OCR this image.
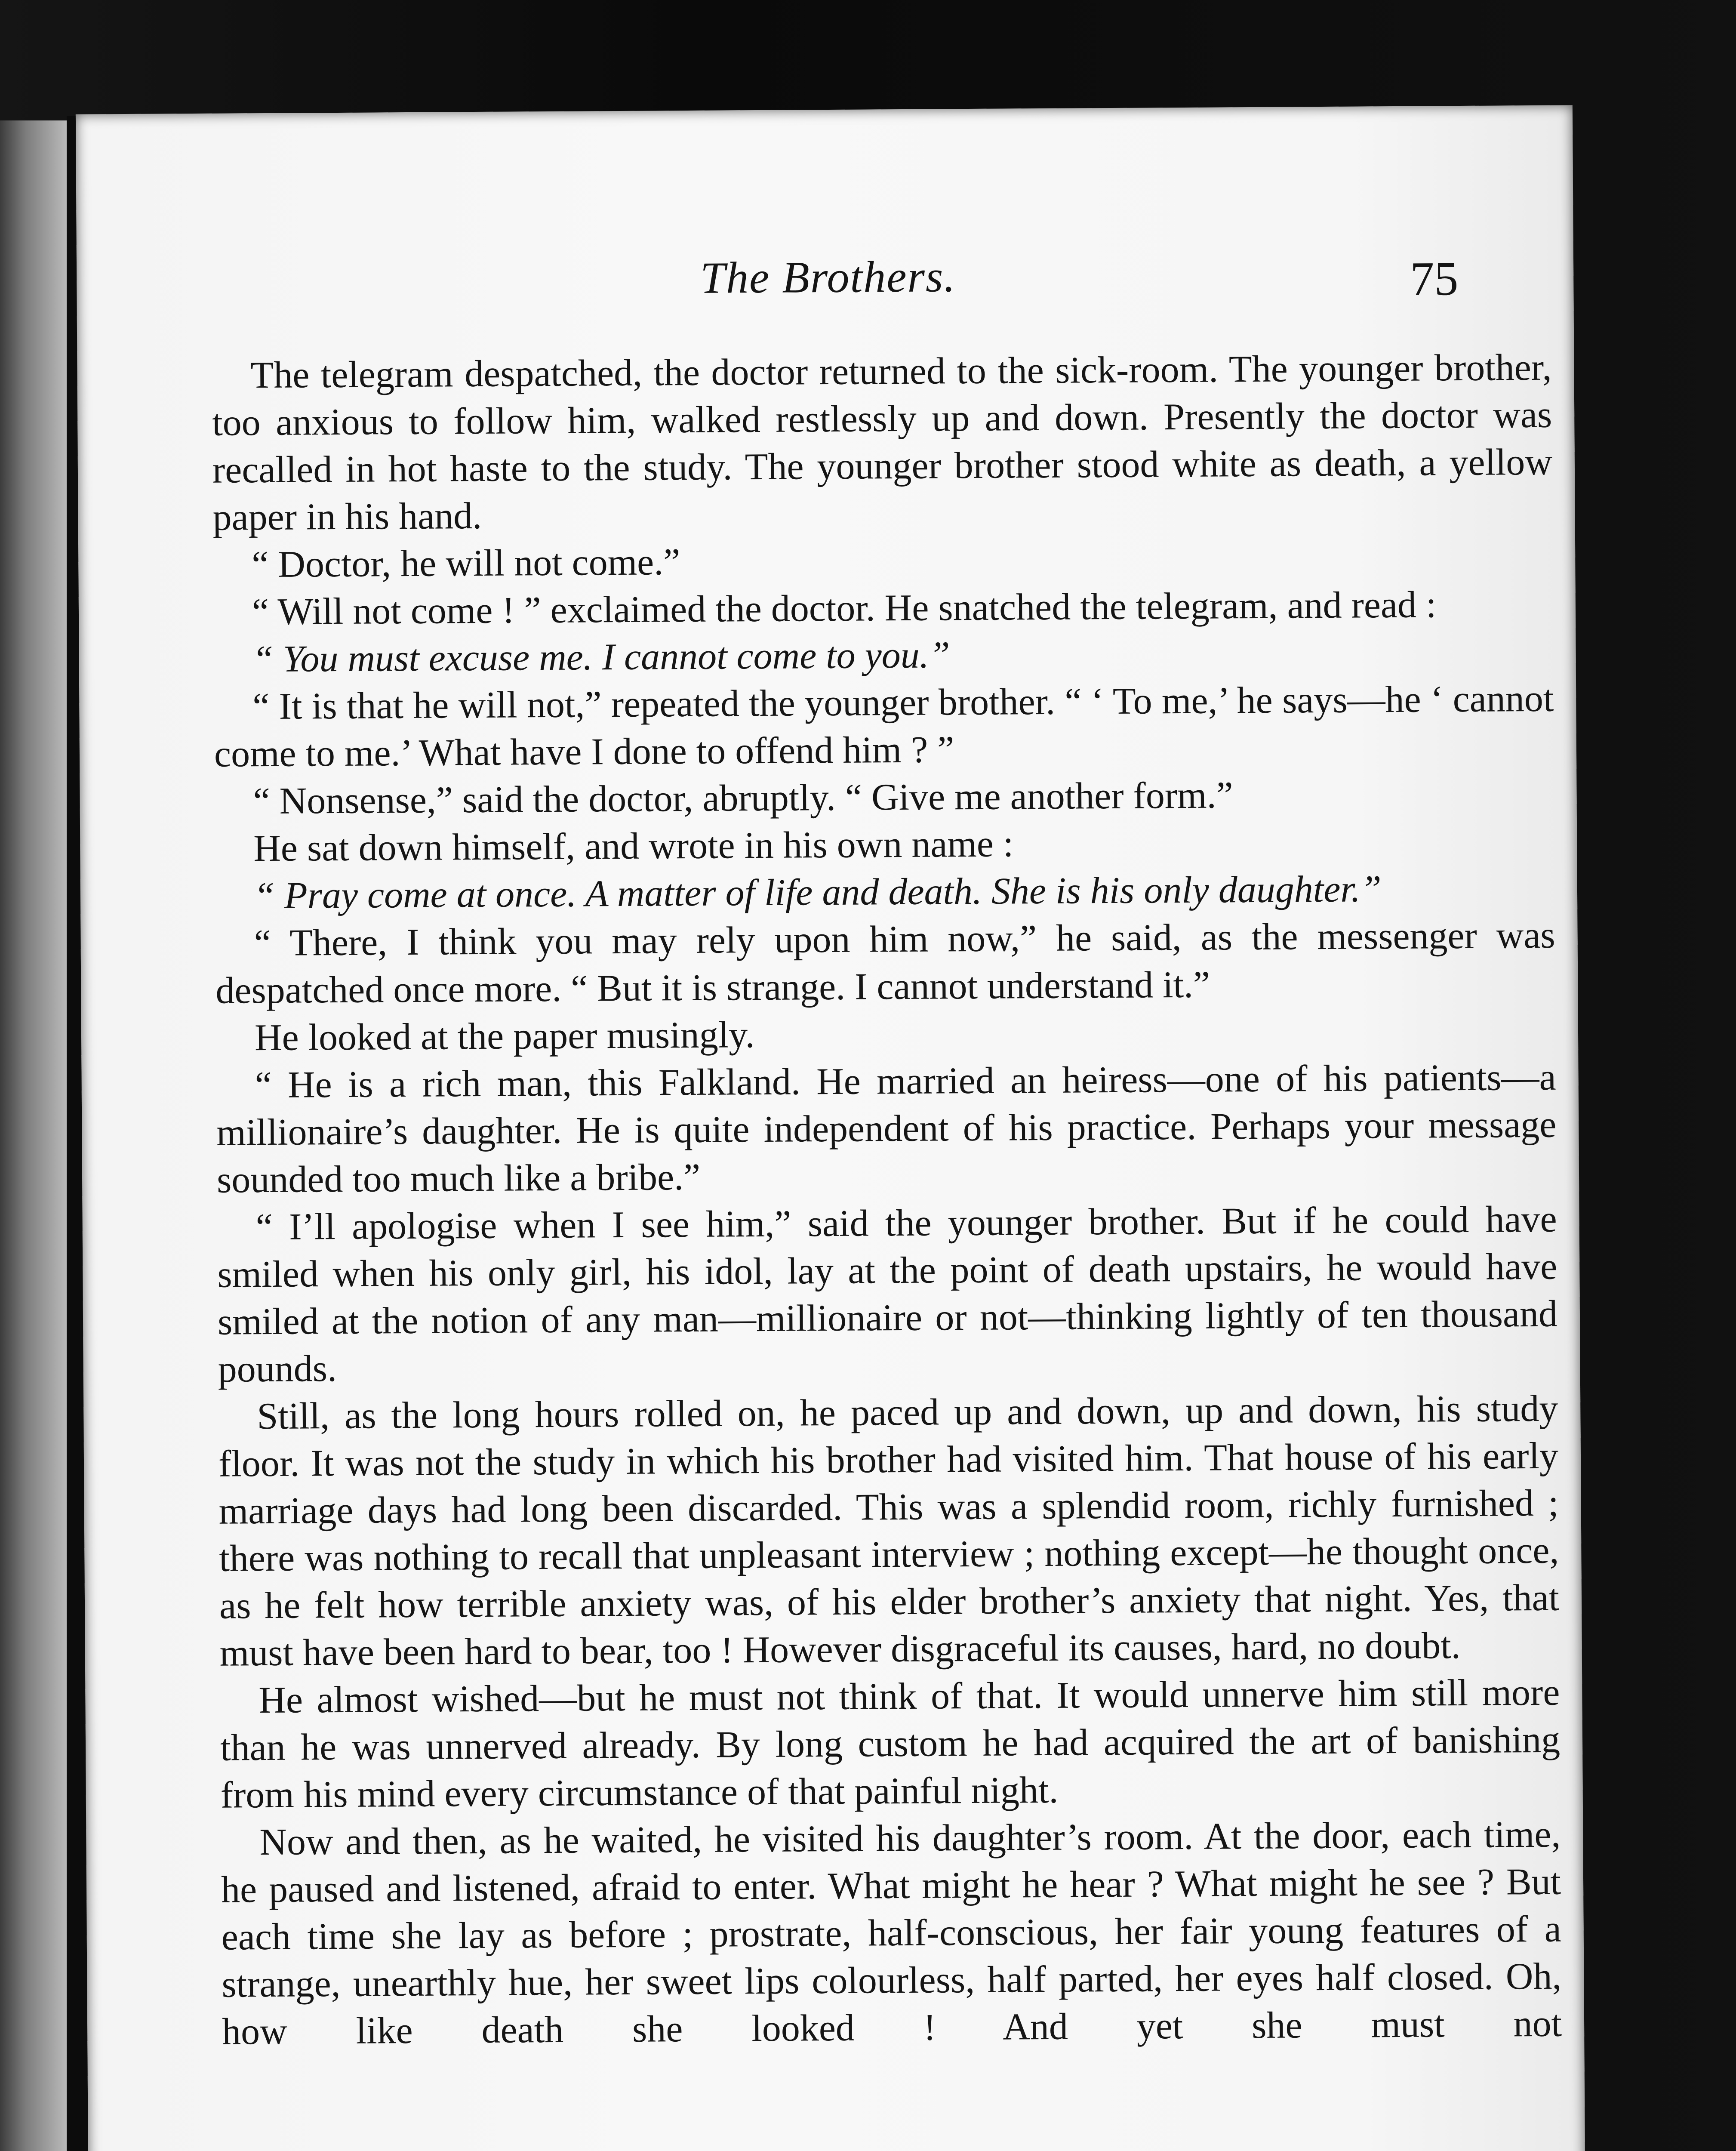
The Brothers.	75

The telegram despatched, the doctor returned to the sick-room. The younger brother, too anxious to follow him, walked restlessly up and down. Presently the doctor was recalled in hot haste to the study. The younger brother stood white as death, a yellow paper in his hand.

“ Doctor, he will not come.”

“ Will not come ! ” exclaimed the doctor. He snatched the telegram, and read :

“ You must excuse me. I cannot come to you.”

“ It is that he will not,” repeated the younger brother. “ ‘ To me,’ he says—he ‘ cannot come to me.’ What have I done to offend him ? ”

“ Nonsense,” said the doctor, abruptly. “ Give me another form.”

He sat down himself, and wrote in his own name :

“ Pray come at once. A matter of life and death. She is his only daughter.”

“ There, I think you may rely upon him now,” he said, as the messenger was despatched once more. “ But it is strange. I cannot understand it.”

He looked at the paper musingly.

“ He is a rich man, this Falkland. He married an heiress—one of his patients—a millionaire’s daughter. He is quite independent of his practice. Perhaps your message sounded too much like a bribe.”

“ I’ll apologise when I see him,” said the younger brother. But if he could have smiled when his only girl, his idol, lay at the point of death upstairs, he would have smiled at the notion of any man—millionaire or not—thinking lightly of ten thousand pounds.

Still, as the long hours rolled on, he paced up and down, up and down, his study floor. It was not the study in which his brother had visited him. That house of his early marriage days had long been discarded. This was a splendid room, richly furnished ; there was nothing to recall that unpleasant interview ; nothing except—he thought once, as he felt how terrible anxiety was, of his elder brother’s anxiety that night. Yes, that must have been hard to bear, too ! However disgraceful its causes, hard, no doubt.

He almost wished—but he must not think of that. It would unnerve him still more than he was unnerved already. By long custom he had acquired the art of banishing from his mind every circumstance of that painful night.

Now and then, as he waited, he visited his daughter’s room. At the door, each time, he paused and listened, afraid to enter. What might he hear ? What might he see ? But each time she lay as before ; prostrate, half-conscious, her fair young features of a strange, unearthly hue, her sweet lips colourless, half parted, her eyes half closed. Oh, how like death she looked ! And yet she must not
